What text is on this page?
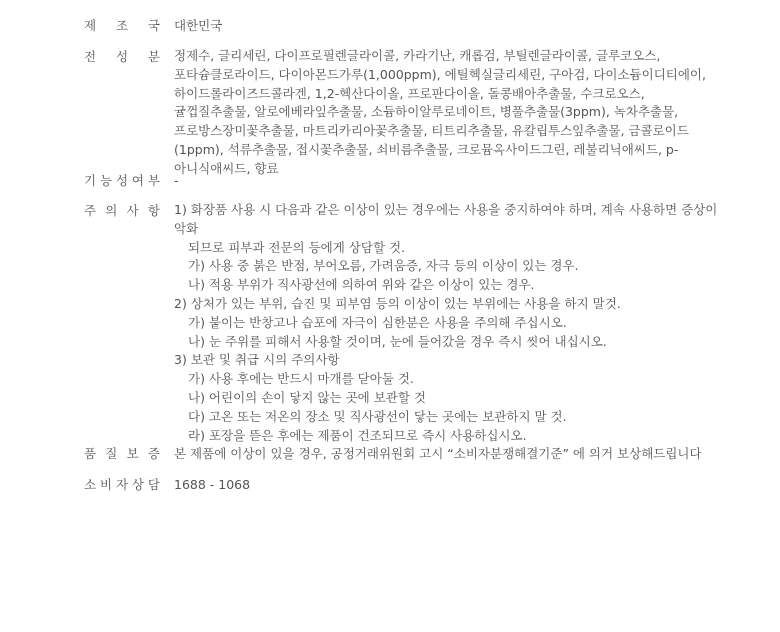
제 조 국 대한민국
전 성 분 정제수, 글리세린, 다이프로필렌글라이콜, 카라기난, 캐롭검, 부틸렌글라이콜, 글루코오스, 포타슘클로라이드, 다이아몬드가루(1,000ppm), 에틸헥실글리세린, 구아검, 다이소듐이디티에이, 하이드롤라이즈드콜라겐, 1,2-헥산다이올, 프로판다이올, 돌콩배아추출물, 수크로오스, 귤껍질추출물, 알로에베라잎추출물, 소듐하이알루로네이트, 병풀추출물(3ppm), 녹차추출물, 프로방스장미꽃추출물, 마트리카리아꽃추출물, 티트리추출물, 유칼립투스잎추출물, 금콜로이드(1ppm), 석류추출물, 접시꽃추출물, 쇠비름추출물, 크로뮴옥사이드그린, 레불리닉애씨드, p-아니식애씨드, 향료
기 능 성 여 부 -
주 의 사 항 1) 화장품 사용 시 다음과 같은 이상이 있는 경우에는 사용을 중지하여야 하며, 계속 사용하면 증상이 악화
되므로 피부과 전문의 등에게 상담할 것.
가) 사용 중 붉은 반점, 부어오름, 가려움증, 자극 등의 이상이 있는 경우.
나) 적용 부위가 직사광선에 의하여 위와 같은 이상이 있는 경우.
2) 상처가 있는 부위, 습진 및 피부염 등의 이상이 있는 부위에는 사용을 하지 말것.
가) 붙이는 반창고나 습포에 자극이 심한분은 사용을 주의해 주십시오.
나) 눈 주위를 피해서 사용할 것이며, 눈에 들어갔을 경우 즉시 씻어 내십시오.
3) 보관 및 취급 시의 주의사항
가) 사용 후에는 반드시 마개를 닫아둘 것.
나) 어린이의 손이 닿지 않는 곳에 보관할 것
다) 고온 또는 저온의 장소 및 직사광선이 닿는 곳에는 보관하지 말 것.
라) 포장을 뜯은 후에는 제품이 건조되므로 즉시 사용하십시오.
품 질 보 증 본 제품에 이상이 있을 경우, 공정거래위원회 고시 “소비자분쟁해결기준” 에 의거 보상해드립니다
소 비 자 상 담 1688 - 1068
